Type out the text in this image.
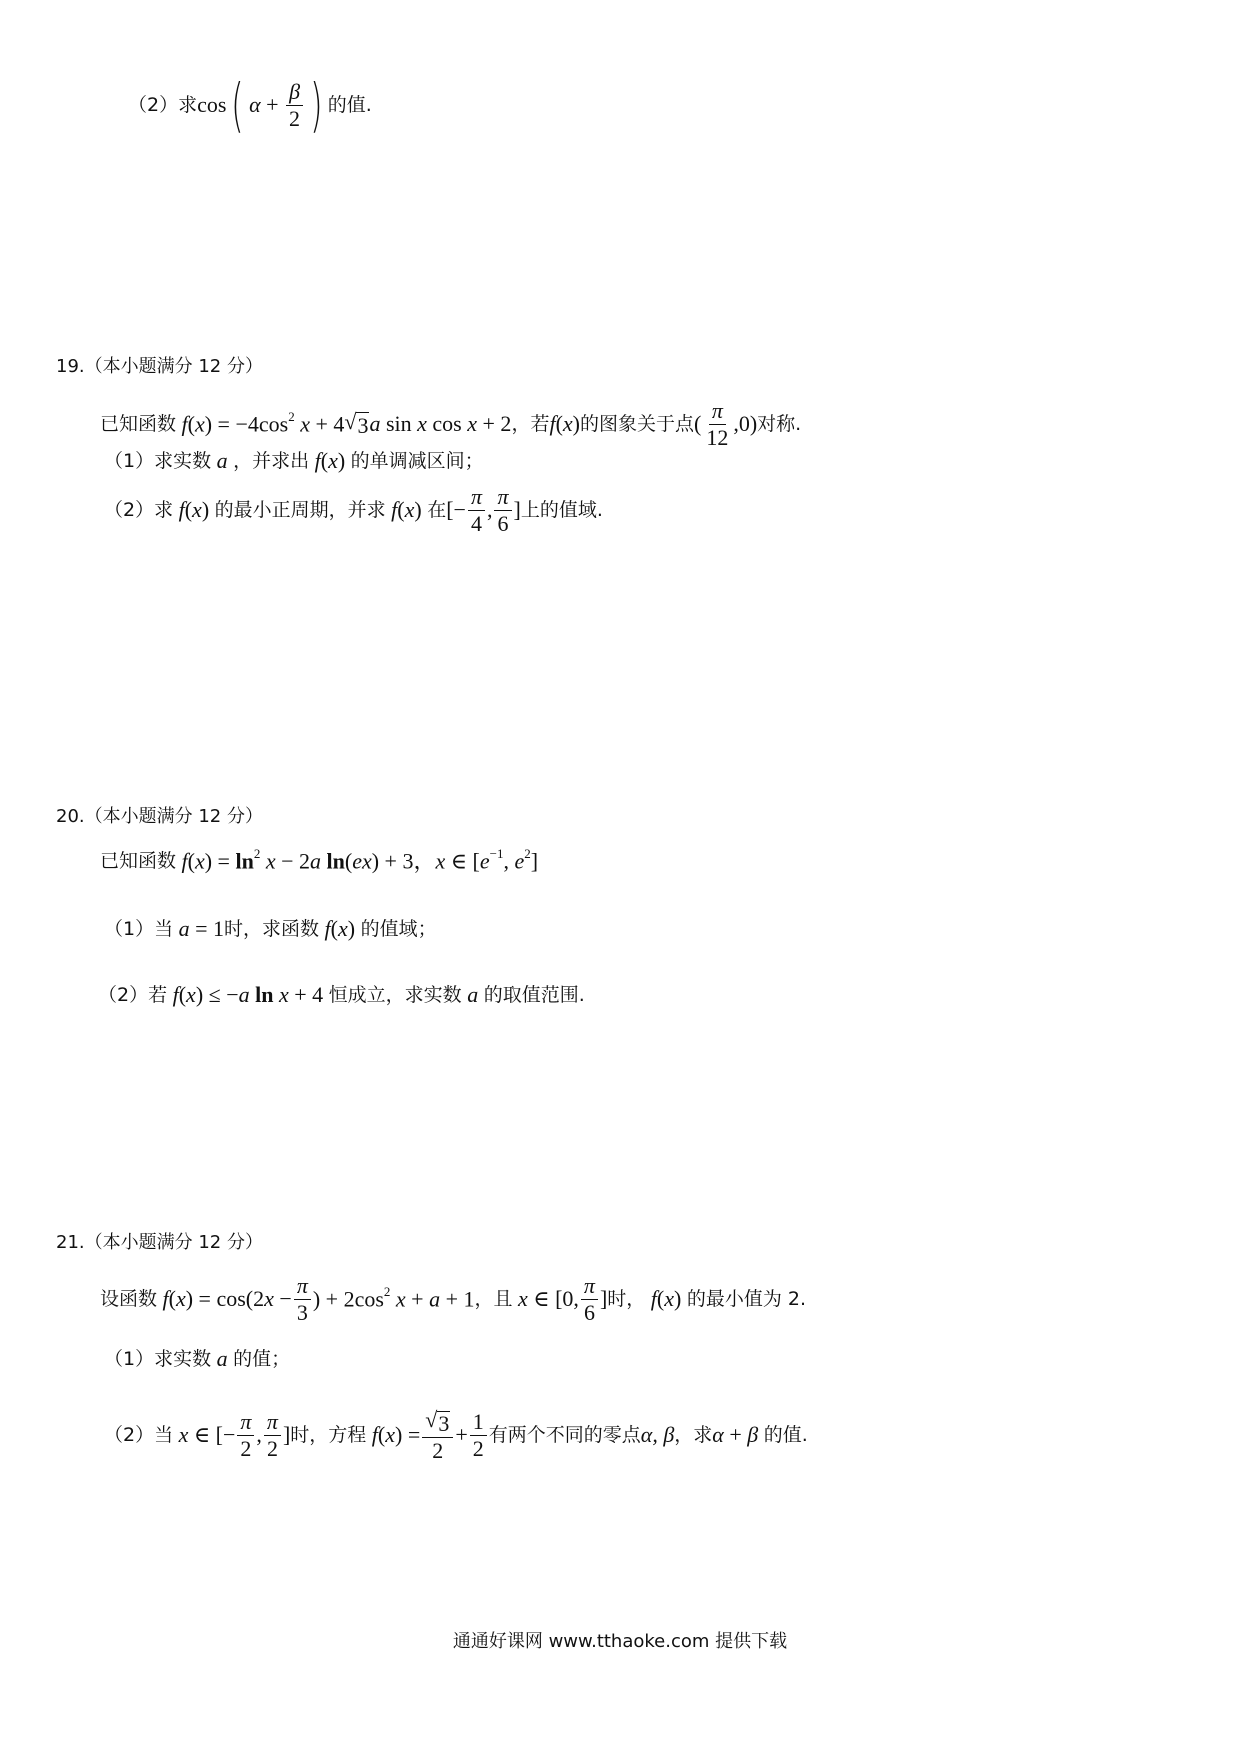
（2）求 cos ( $\alpha + \frac{\beta}{2}$ ) 的值.
19.（本小题满分 12 分）
已知函数 $f(x) = -4\cos^2$ x + 4 √ 3 a sin x cos x + 2 ，若 f(x) 的图象关于点 ( $\frac{\pi}{12} ,0$) 对称.
（1）求实数 a ，并求出 f(x) 的单调减区间；
（2）求 f(x) 的最小正周期，并求 f(x) 在 [− $\frac{\pi}{4}$ , $\frac{\pi}{6}$ ] 上的值域.
20.（本小题满分 12 分）
已知函数 $f(x) = \ln^2 x - 2a$ ln(ex) + 3，x ∈ [$e^{-1}$, $e^2$]
（1）当 a = 1 时，求函数 f(x) 的值域；
（2）若 f(x) ≤ −a ln x + 4 恒成立，求实数 a 的取值范围.
21.（本小题满分 12 分）
设函数 $f(x) = \cos(2x - \frac{\pi}{3}$ ) + $2\cos^2$ x + a + 1 ，且 x ∈ [0, $\frac{\pi}{6}$ ] 时， f(x) 的最小值为 2.
（1）求实数 a 的值；
（2）当 x ∈ [− $\frac{\pi}{2}$ , $\frac{\pi}{2}$ ] 时，方程 $f(x) = \frac{√ 3}{2} + \frac{1}{2}$ 有两个不同的零点 α, β ，求 α + β 的值.
通通好课网 www.tthaoke.com 提供下载
